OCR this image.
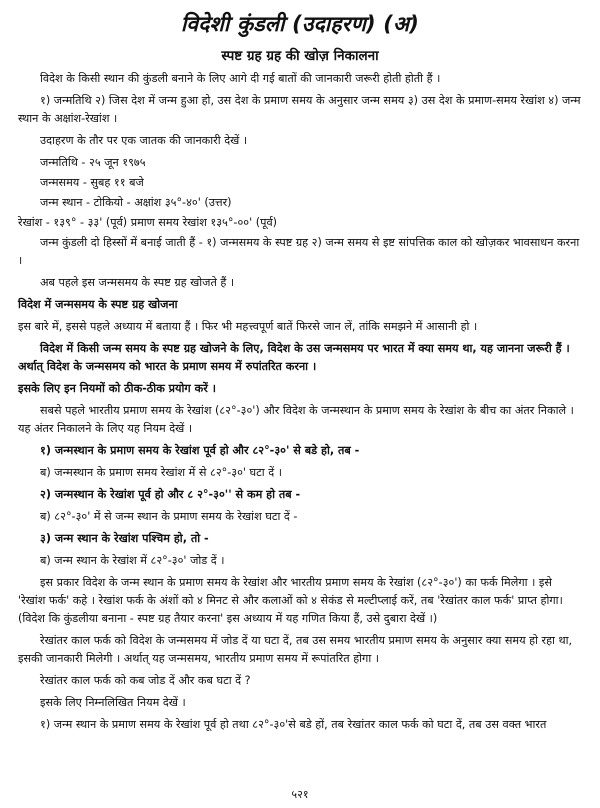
विदेशी कुंडली (उदाहरण) (अ)
स्पष्ट ग्रह ग्रह की खोज़ निकालना

विदेश के किसी स्थान की कुंडली बनाने के लिए आगे दी गई बातों की जानकारी जरूरी होती होती हैं ।

१) जन्मतिथि २) जिस देश में जन्म हुआ हो, उस देश के प्रमाण समय के अनुसार जन्म समय ३) उस देश के प्रमाण-समय रेखांश ४) जन्म स्थान के अक्षांश-रेखांश ।

उदाहरण के तौर पर एक जातक की जानकारी देखें ।

जन्मतिथि - २५ जून १९७५

जन्मसमय - सुबह ११ बजे

जन्म स्थान - टोकियो - अक्षांश ३५°-४०' (उत्तर)

रेखांश - १३९° - ३३' (पूर्व) प्रमाण समय रेखांश १३५°-००' (पूर्व)

जन्म कुंडली दो हिस्सों में बनाई जाती हैं - १) जन्मसमय के स्पष्ट ग्रह २) जन्म समय से इष्ट सांपत्तिक काल को खोज़कर भावसाधन करना ।

अब पहले इस जन्मसमय के स्पष्ट ग्रह खोजते हैं ।

विदेश में जन्मसमय के स्पष्ट ग्रह खोजना

इस बारे में, इससे पहले अध्याय में बताया हैं । फिर भी महत्त्वपूर्ण बातें फिरसे जान लें, तांकि समझने में आसानी हो ।

विदेश में किसी जन्म समय के स्पष्ट ग्रह खोजने के लिए, विदेश के उस जन्मसमय पर भारत में क्या समय था, यह जानना जरूरी हैं । अर्थात् विदेश के जन्मसमय को भारत के प्रमाण समय में रुपांतरित करना ।

इसके लिए इन नियमों को ठीक-ठीक प्रयोग करें ।

सबसे पहले भारतीय प्रमाण समय के रेखांश (८२°-३०') और विदेश के जन्मस्थान के प्रमाण समय के रेखांश के बीच का अंतर निकाले । यह अंतर निकालने के लिए यह नियम देखें ।

१) जन्मस्थान के प्रमाण समय के रेखांश पूर्व हो और ८२°-३०' से बडे हो, तब -

ब) जन्मस्थान के प्रमाण समय रेखांश में से ८२°-३०' घटा दें ।

२) जन्मस्थान के रेखांश पूर्व हो और ८ २°-३०'' से कम हो तब -

ब) ८२°-३०' में से जन्म स्थान के प्रमाण समय के रेखांश घटा दें -

३) जन्म स्थान के रेखांश पश्चिम हो, तो -

ब) जन्म स्थान के रेखांश में ८२°-३०' जोड दें ।

इस प्रकार विदेश के जन्म स्थान के प्रमाण समय के रेखांश और भारतीय प्रमाण समय के रेखांश (८२°-३०') का फर्क मिलेगा । इसे 'रेखांश फर्क' कहे । रेखांश फर्क के अंशों को ४ मिनट से और कलाओं को ४ सेकंड से मल्टीप्लाई करें, तब 'रेखांतर काल फर्क' प्राप्त होगा। (विदेश कि कुंडलीया बनाना - स्पष्ट ग्रह तैयार करना' इस अध्याय में यह गणित किया हैं, उसे दुबारा देखें ।)

रेखांतर काल फर्क को विदेश के जन्मसमय में जोड दें या घटा दें, तब उस समय भारतीय प्रमाण समय के अनुसार क्या समय हो रहा था, इसकी जानकारी मिलेगी । अर्थात् यह जन्मसमय, भारतीय प्रमाण समय में रूपांतरित होगा ।

रेखांतर काल फर्क को कब जोड दें और कब घटा दें ?

इसके लिए निम्नलिखित नियम देखें ।

१) जन्म स्थान के प्रमाण समय के रेखांश पूर्व हो तथा ८२°-३०'से बडे हों, तब रेखांतर काल फर्क को घटा दें, तब उस वक्त भारत

५२१
